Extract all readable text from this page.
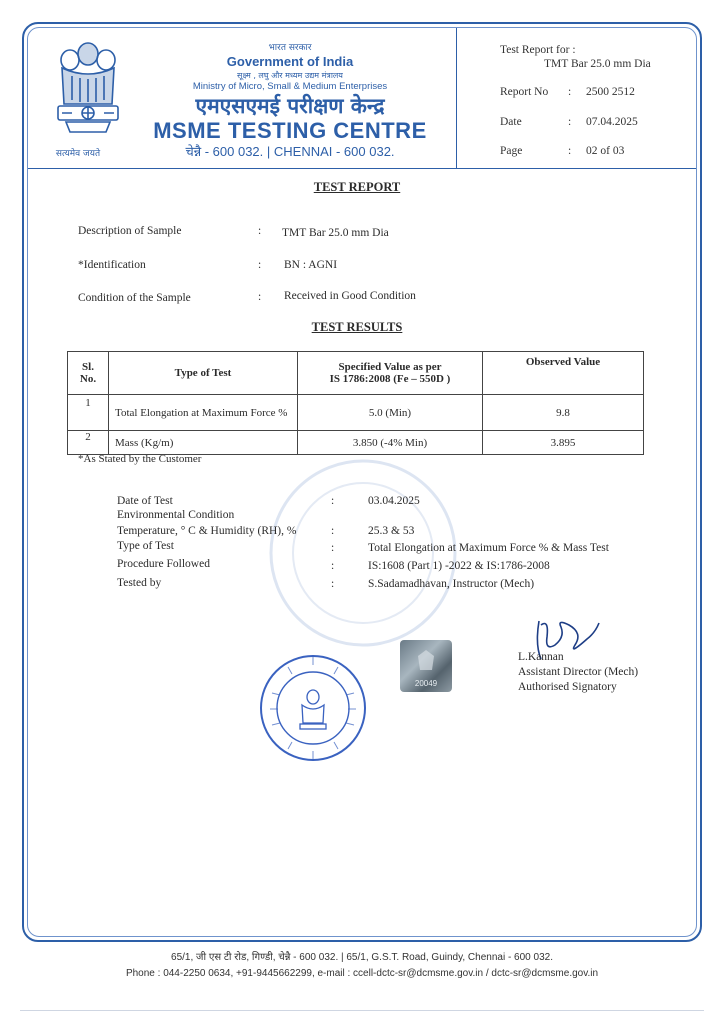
सत्यमेव जयते
भारत सरकार
Government of India
सूक्ष्म , लघु और मध्यम उद्यम मंत्रालय
Ministry of Micro, Small & Medium Enterprises
एमएसएमई परीक्षण केन्द्र
MSME TESTING CENTRE
चेन्नै - 600 032. | CHENNAI - 600 032.
Test Report for :
TMT Bar 25.0 mm Dia
Report No : 2500 2512
Date	: 07.04.2025
Page	: 02 of 03
TEST REPORT
Description of Sample	: TMT Bar 25.0 mm Dia
*Identification	: BN : AGNI
Condition of the Sample	: Received in Good Condition
TEST RESULTS
Sl. No.	Type of Test	Specified Value as per
IS 1786:2008 (Fe – 550D )	Observed Value
1	Total Elongation at Maximum Force %	5.0 (Min)	9.8
2	Mass (Kg/m)	3.850 (-4% Min)	3.895
*As Stated by the Customer
Date of Test	:	03.04.2025
Environmental Condition
Temperature, ° C & Humidity (RH), %	:	25.3 & 53
Type of Test	:	Total Elongation at Maximum Force % & Mass Test
Procedure Followed	:	IS:1608 (Part 1) -2022 & IS:1786-2008
Tested by	:	S.Sadamadhavan, Instructor (Mech)
L.Kannan
Assistant Director (Mech)
Authorised Signatory
20049
65/1, जी एस टी रोड, गिण्डी, चेन्नै - 600 032. | 65/1, G.S.T. Road, Guindy, Chennai - 600 032.
Phone : 044-2250 0634, +91-9445662299, e-mail : ccell-dctc-sr@dcmsme.gov.in / dctc-sr@dcmsme.gov.in
